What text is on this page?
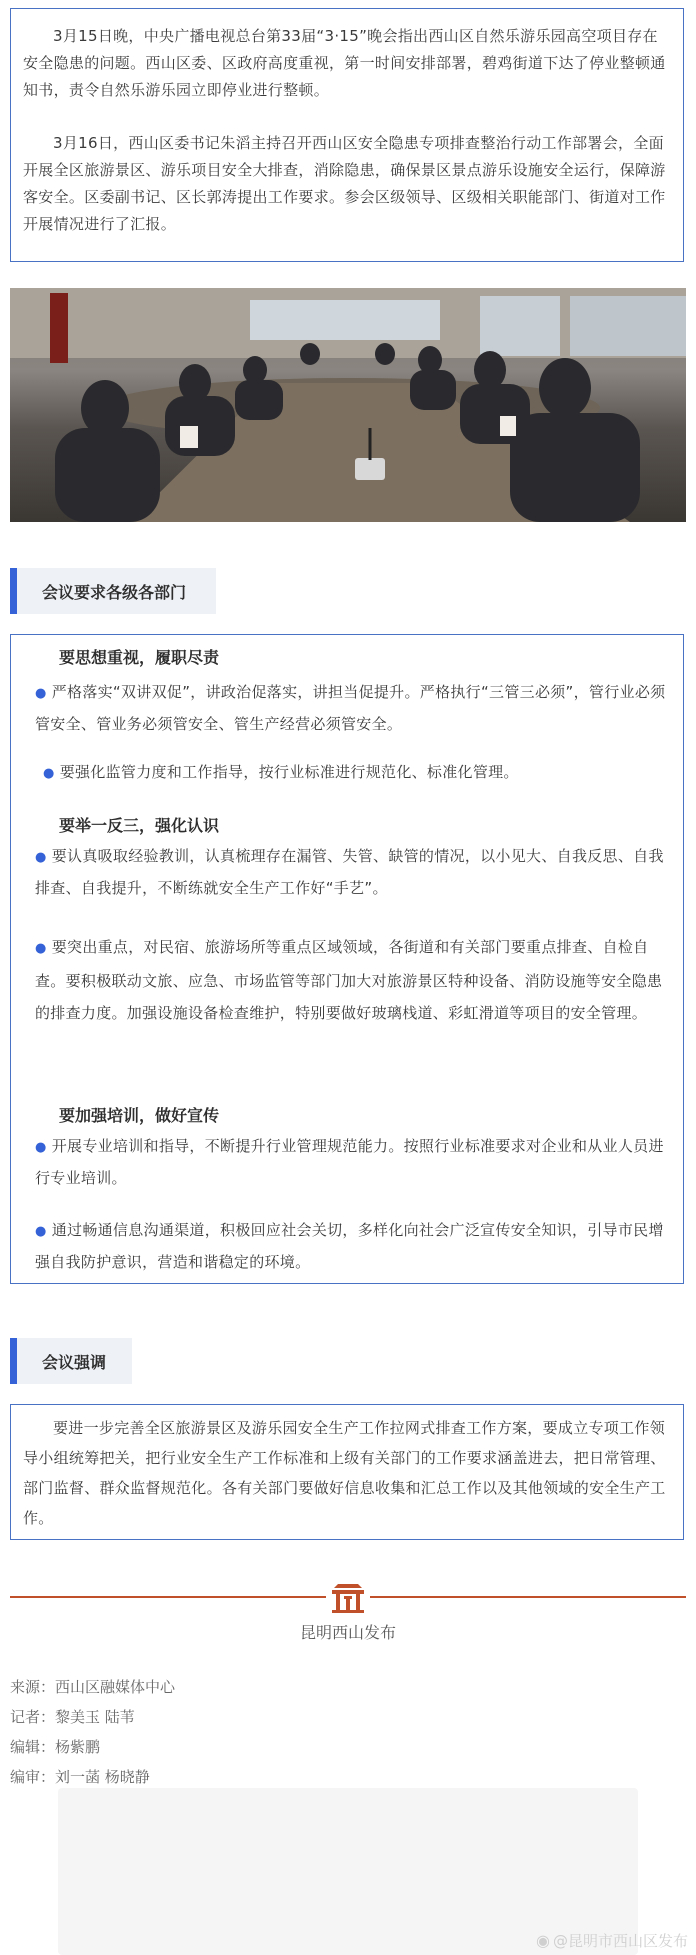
3月15日晚，中央广播电视总台第33届“3·15”晚会指出西山区自然乐游乐园高空项目存在安全隐患的问题。西山区委、区政府高度重视，第一时间安排部署，碧鸡街道下达了停业整顿通知书，责令自然乐游乐园立即停业进行整顿。

3月16日，西山区委书记朱滔主持召开西山区安全隐患专项排查整治行动工作部署会，全面开展全区旅游景区、游乐项目安全大排查，消除隐患，确保景区景点游乐设施安全运行，保障游客安全。区委副书记、区长郭涛提出工作要求。参会区级领导、区级相关职能部门、街道对工作开展情况进行了汇报。

会议要求各级各部门
要思想重视，履职尽责
● 严格落实“双讲双促”，讲政治促落实，讲担当促提升。严格执行“三管三必须”，管行业必须管安全、管业务必须管安全、管生产经营必须管安全。
● 要强化监管力度和工作指导，按行业标准进行规范化、标准化管理。
要举一反三，强化认识
● 要认真吸取经验教训，认真梳理存在漏管、失管、缺管的情况，以小见大、自我反思、自我排查、自我提升，不断练就安全生产工作好“手艺”。
● 要突出重点，对民宿、旅游场所等重点区域领域，各街道和有关部门要重点排查、自检自查。要积极联动文旅、应急、市场监管等部门加大对旅游景区特种设备、消防设施等安全隐患的排查力度。加强设施设备检查维护，特别要做好玻璃栈道、彩虹滑道等项目的安全管理。
要加强培训，做好宣传
● 开展专业培训和指导，不断提升行业管理规范能力。按照行业标准要求对企业和从业人员进行专业培训。
● 通过畅通信息沟通渠道，积极回应社会关切，多样化向社会广泛宣传安全知识，引导市民增强自我防护意识，营造和谐稳定的环境。
会议强调

要进一步完善全区旅游景区及游乐园安全生产工作拉网式排查工作方案，要成立专项工作领导小组统筹把关，把行业安全生产工作标准和上级有关部门的工作要求涵盖进去，把日常管理、部门监督、群众监督规范化。各有关部门要做好信息收集和汇总工作以及其他领域的安全生产工作。

昆明西山发布
来源：西山区融媒体中心
记者：黎美玉 陆苇
编辑：杨紫鹏
编审：刘一菡 杨晓静
◉ @昆明市西山区发布
